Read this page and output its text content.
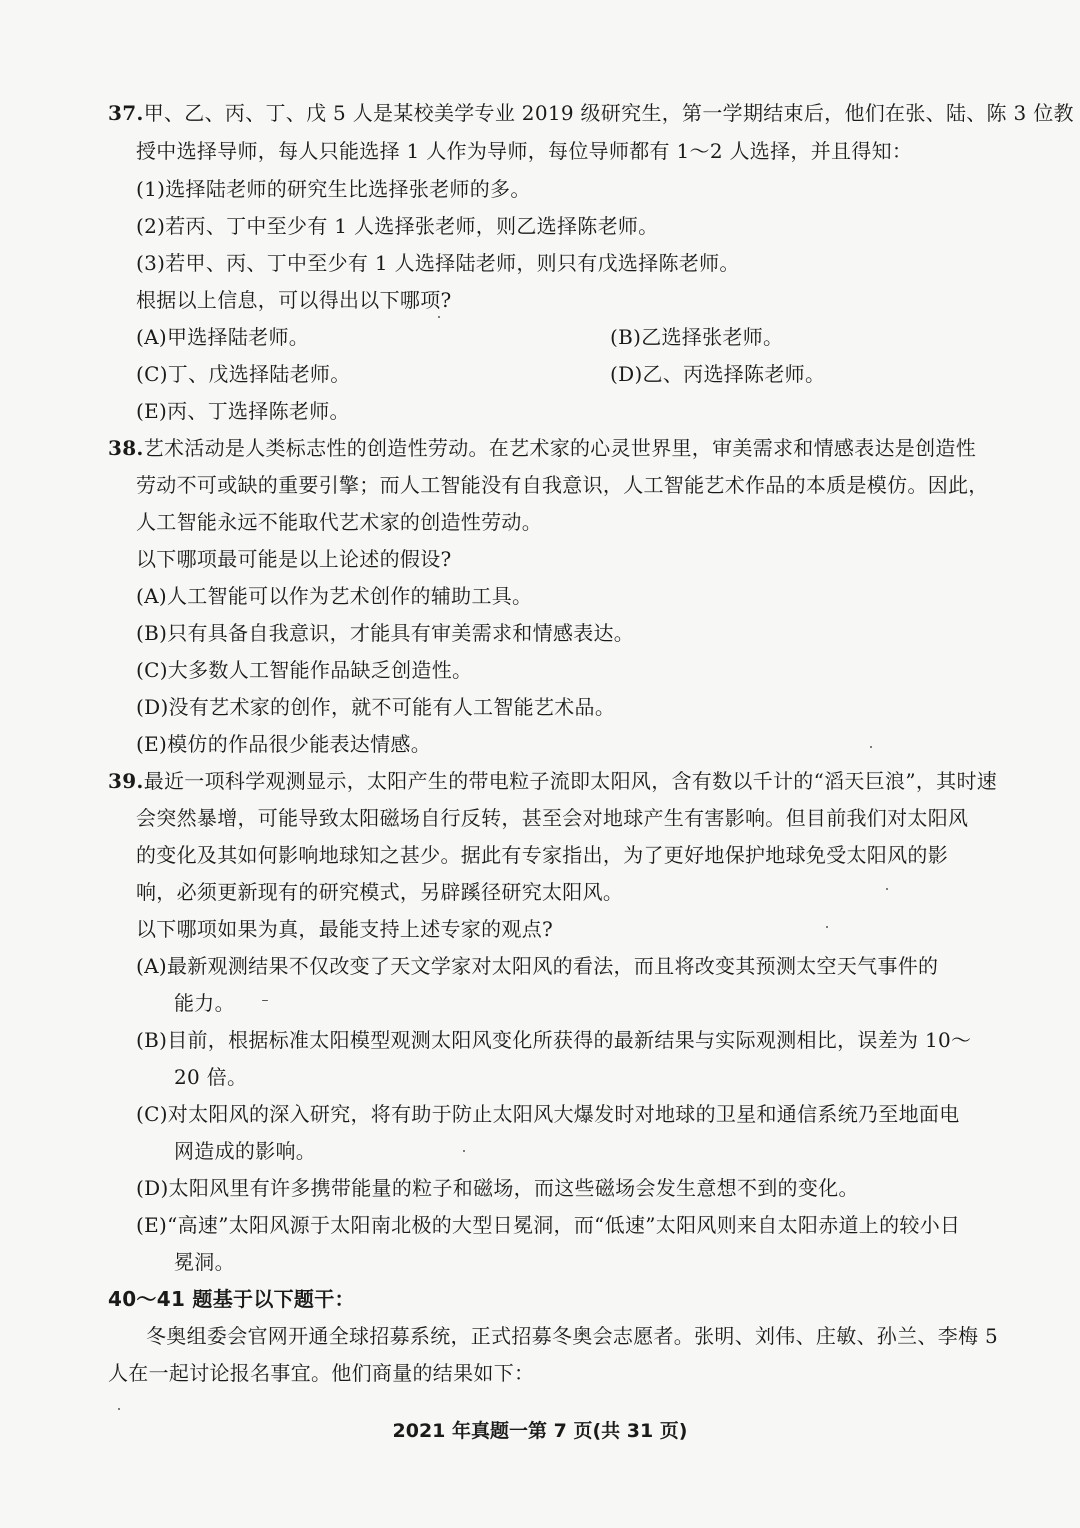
37.甲、乙、丙、丁、戊 5 人是某校美学专业 2019 级研究生，第一学期结束后，他们在张、陆、陈 3 位教
授中选择导师，每人只能选择 1 人作为导师，每位导师都有 1～2 人选择，并且得知：
(1)选择陆老师的研究生比选择张老师的多。
(2)若丙、丁中至少有 1 人选择张老师，则乙选择陈老师。
(3)若甲、丙、丁中至少有 1 人选择陆老师，则只有戊选择陈老师。
根据以上信息，可以得出以下哪项?
(A)甲选择陆老师。	(B)乙选择张老师。
(C)丁、戊选择陆老师。	(D)乙、丙选择陈老师。
(E)丙、丁选择陈老师。
38.艺术活动是人类标志性的创造性劳动。在艺术家的心灵世界里，审美需求和情感表达是创造性
劳动不可或缺的重要引擎；而人工智能没有自我意识，人工智能艺术作品的本质是模仿。因此，
人工智能永远不能取代艺术家的创造性劳动。
以下哪项最可能是以上论述的假设?
(A)人工智能可以作为艺术创作的辅助工具。
(B)只有具备自我意识，才能具有审美需求和情感表达。
(C)大多数人工智能作品缺乏创造性。
(D)没有艺术家的创作，就不可能有人工智能艺术品。
(E)模仿的作品很少能表达情感。
39.最近一项科学观测显示，太阳产生的带电粒子流即太阳风，含有数以千计的“滔天巨浪”，其时速
会突然暴增，可能导致太阳磁场自行反转，甚至会对地球产生有害影响。但目前我们对太阳风
的变化及其如何影响地球知之甚少。据此有专家指出，为了更好地保护地球免受太阳风的影
响，必须更新现有的研究模式，另辟蹊径研究太阳风。
以下哪项如果为真，最能支持上述专家的观点?
(A)最新观测结果不仅改变了天文学家对太阳风的看法，而且将改变其预测太空天气事件的
能力。
(B)目前，根据标准太阳模型观测太阳风变化所获得的最新结果与实际观测相比，误差为 10～
20 倍。
(C)对太阳风的深入研究，将有助于防止太阳风大爆发时对地球的卫星和通信系统乃至地面电
网造成的影响。
(D)太阳风里有许多携带能量的粒子和磁场，而这些磁场会发生意想不到的变化。
(E)“高速”太阳风源于太阳南北极的大型日冕洞，而“低速”太阳风则来自太阳赤道上的较小日
冕洞。
40～41 题基于以下题干：
冬奥组委会官网开通全球招募系统，正式招募冬奥会志愿者。张明、刘伟、庄敏、孙兰、李梅 5
人在一起讨论报名事宜。他们商量的结果如下：
2021 年真题一第 7 页(共 31 页)
